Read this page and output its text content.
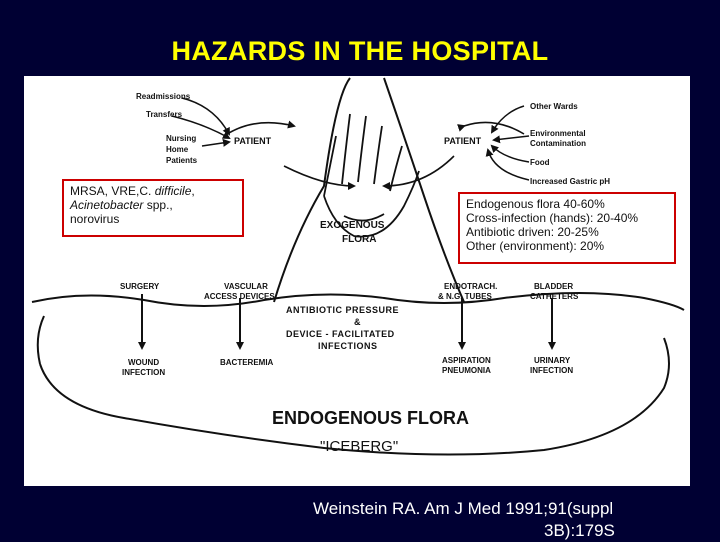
HAZARDS IN THE HOSPITAL
Readmissions
Transfers
Nursing
Home
Patients
Other Wards
Environmental
Contamination
Food
Increased Gastric pH
PATIENT	PATIENT
EXOGENOUS
FLORA
SURGERY	VASCULAR
ACCESS DEVICES
ENDOTRACH.
& N.G. TUBES
BLADDER
CATHETERS
ANTIBIOTIC PRESSURE
&
DEVICE - FACILITATED
INFECTIONS
WOUND
INFECTION
BACTEREMIA	ASPIRATION
PNEUMONIA
URINARY
INFECTION
ENDOGENOUS FLORA
"ICEBERG"
MRSA, VRE,C. difficile,
Acinetobacter spp.,
norovirus
Endogenous flora 40-60%
Cross-infection (hands): 20-40%
Antibiotic driven: 20-25%
Other (environment): 20%
Weinstein RA. Am J Med 1991;91(suppl
3B):179S
